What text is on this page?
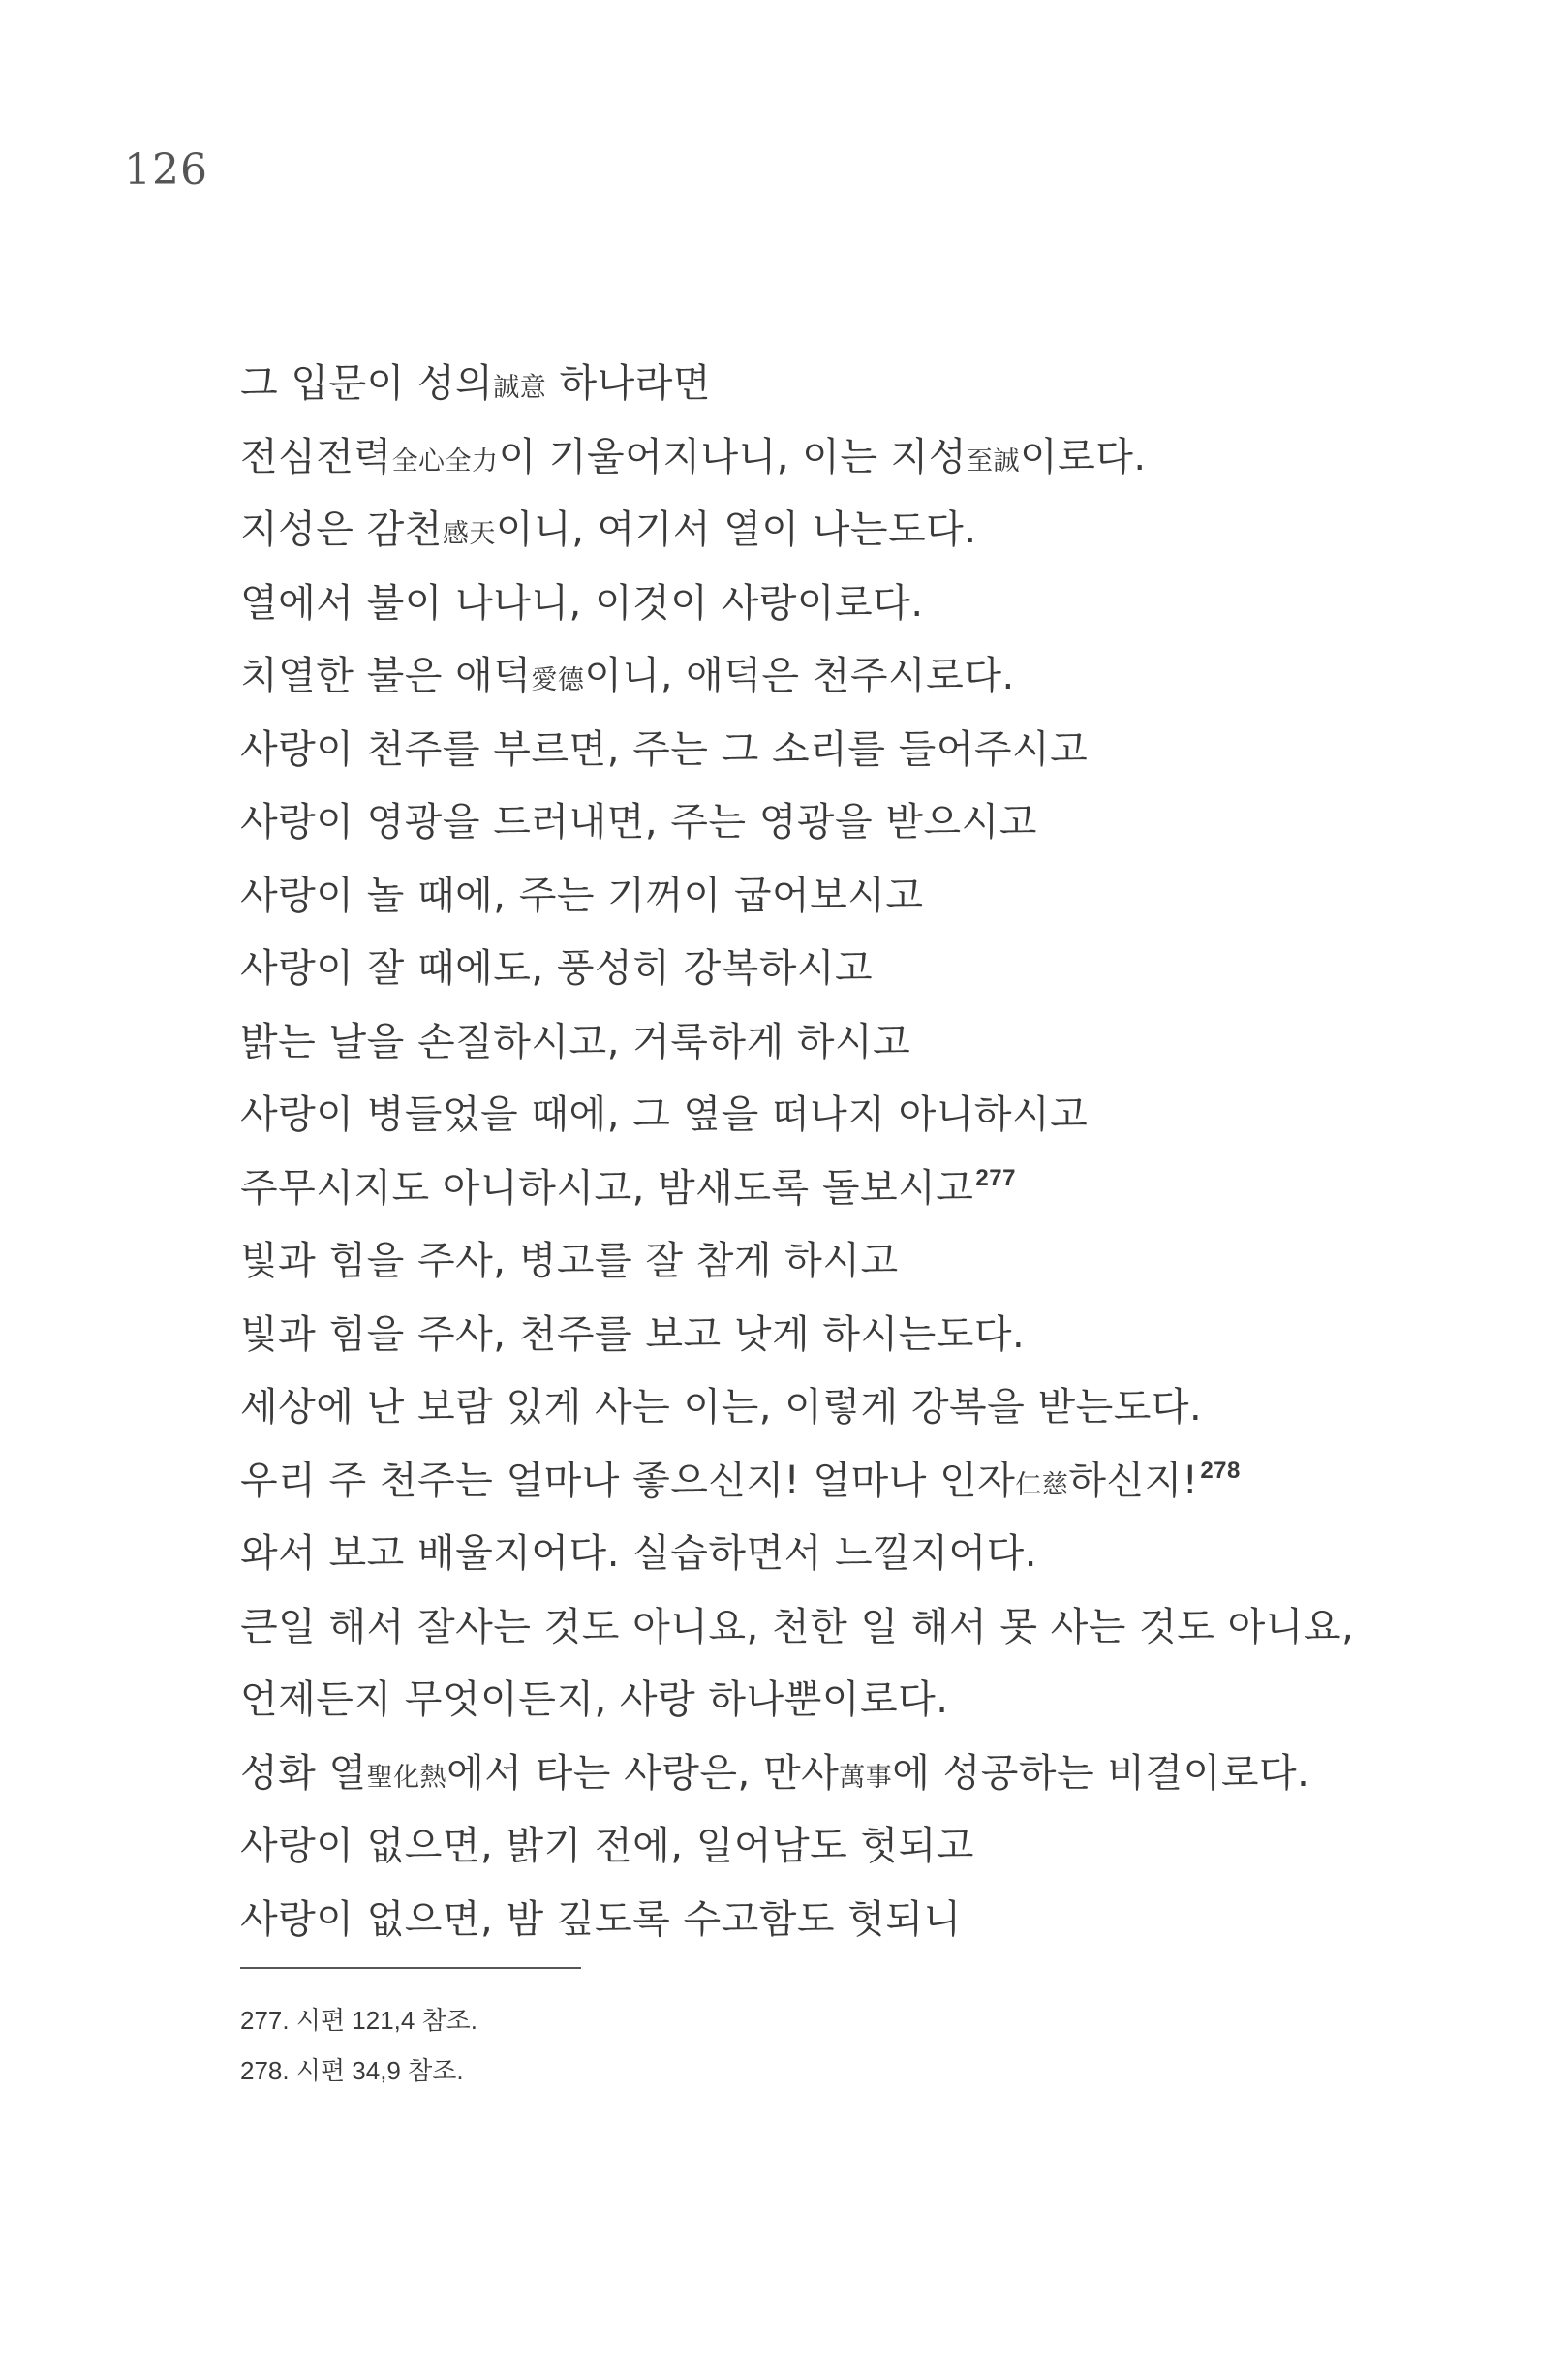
126
그 입문이 성의誠意 하나라면
전심전력全心全力이 기울어지나니, 이는 지성至誠이로다.
지성은 감천感天이니, 여기서 열이 나는도다.
열에서 불이 나나니, 이것이 사랑이로다.
치열한 불은 애덕愛德이니, 애덕은 천주시로다.
사랑이 천주를 부르면, 주는 그 소리를 들어주시고
사랑이 영광을 드러내면, 주는 영광을 받으시고
사랑이 놀 때에, 주는 기꺼이 굽어보시고
사랑이 잘 때에도, 풍성히 강복하시고
밝는 날을 손질하시고, 거룩하게 하시고
사랑이 병들었을 때에, 그 옆을 떠나지 아니하시고
주무시지도 아니하시고, 밤새도록 돌보시고$^{277}$
빛과 힘을 주사, 병고를 잘 참게 하시고
빛과 힘을 주사, 천주를 보고 낫게 하시는도다.
세상에 난 보람 있게 사는 이는, 이렇게 강복을 받는도다.
우리 주 천주는 얼마나 좋으신지! 얼마나 인자仁慈하신지!$^{278}$
와서 보고 배울지어다. 실습하면서 느낄지어다.
큰일 해서 잘사는 것도 아니요, 천한 일 해서 못 사는 것도 아니요,
언제든지 무엇이든지, 사랑 하나뿐이로다.
성화 열聖化熱에서 타는 사랑은, 만사萬事에 성공하는 비결이로다.
사랑이 없으면, 밝기 전에, 일어남도 헛되고
사랑이 없으면, 밤 깊도록 수고함도 헛되니
277. 시편 121,4 참조.
278. 시편 34,9 참조.
